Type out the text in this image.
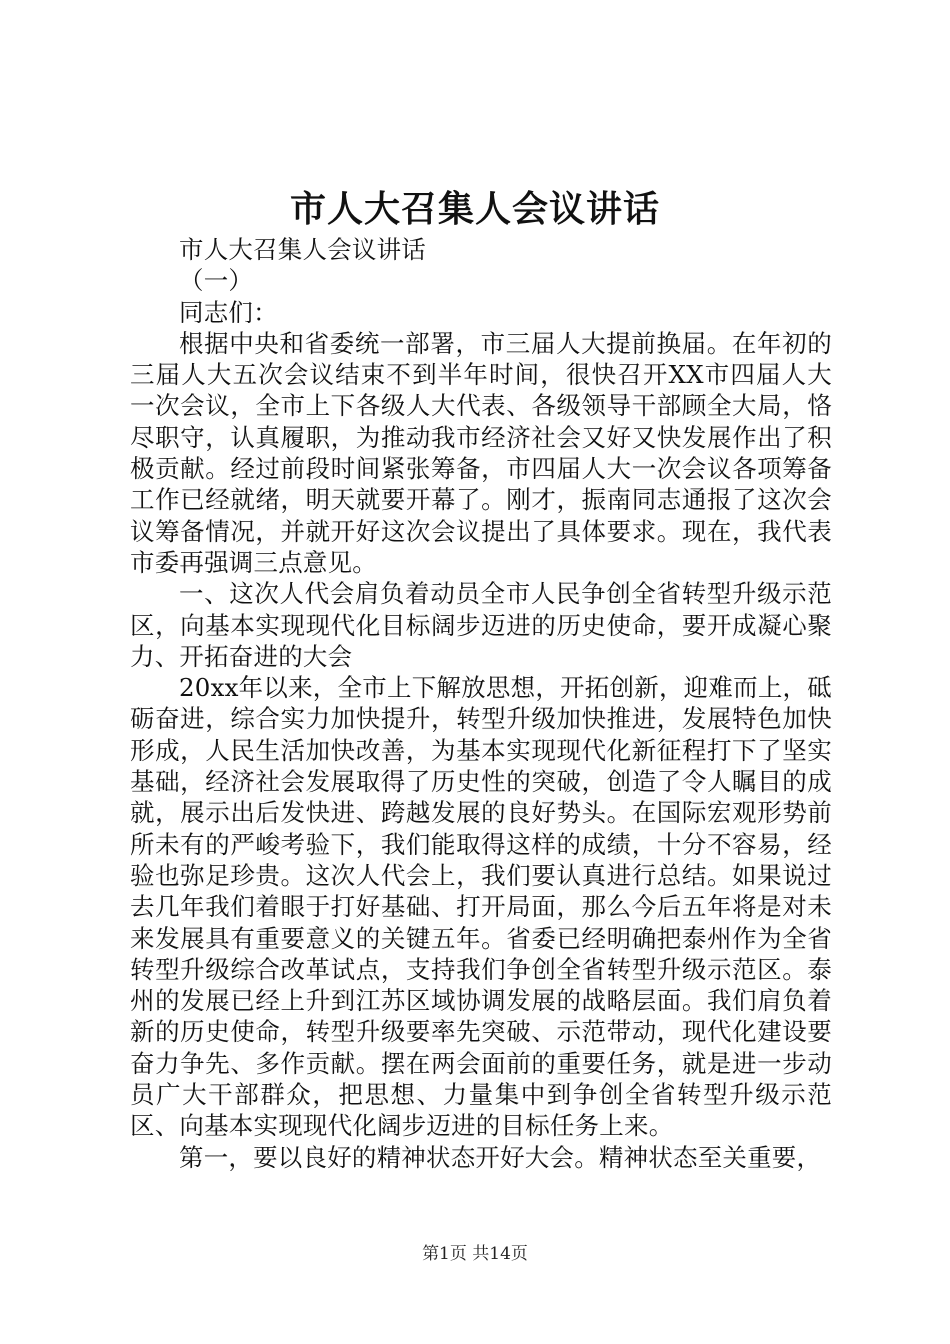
市人大召集人会议讲话

市人大召集人会议讲话

（一）

同志们：

根据中央和省委统一部署，市三届人大提前换届。在年初的三届人大五次会议结束不到半年时间，很快召开XX市四届人大一次会议，全市上下各级人大代表、各级领导干部顾全大局，恪尽职守，认真履职，为推动我市经济社会又好又快发展作出了积极贡献。经过前段时间紧张筹备，市四届人大一次会议各项筹备工作已经就绪，明天就要开幕了。刚才，振南同志通报了这次会议筹备情况，并就开好这次会议提出了具体要求。现在，我代表市委再强调三点意见。

一、这次人代会肩负着动员全市人民争创全省转型升级示范区，向基本实现现代化目标阔步迈进的历史使命，要开成凝心聚力、开拓奋进的大会

20xx年以来，全市上下解放思想，开拓创新，迎难而上，砥砺奋进，综合实力加快提升，转型升级加快推进，发展特色加快形成，人民生活加快改善，为基本实现现代化新征程打下了坚实基础，经济社会发展取得了历史性的突破，创造了令人瞩目的成就，展示出后发快进、跨越发展的良好势头。在国际宏观形势前所未有的严峻考验下，我们能取得这样的成绩，十分不容易，经验也弥足珍贵。这次人代会上，我们要认真进行总结。如果说过去几年我们着眼于打好基础、打开局面，那么今后五年将是对未来发展具有重要意义的关键五年。省委已经明确把泰州作为全省转型升级综合改革试点，支持我们争创全省转型升级示范区。泰州的发展已经上升到江苏区域协调发展的战略层面。我们肩负着新的历史使命，转型升级要率先突破、示范带动，现代化建设要奋力争先、多作贡献。摆在两会面前的重要任务，就是进一步动员广大干部群众，把思想、力量集中到争创全省转型升级示范区、向基本实现现代化阔步迈进的目标任务上来。

第一，要以良好的精神状态开好大会。精神状态至关重要，

第1页 共14页
